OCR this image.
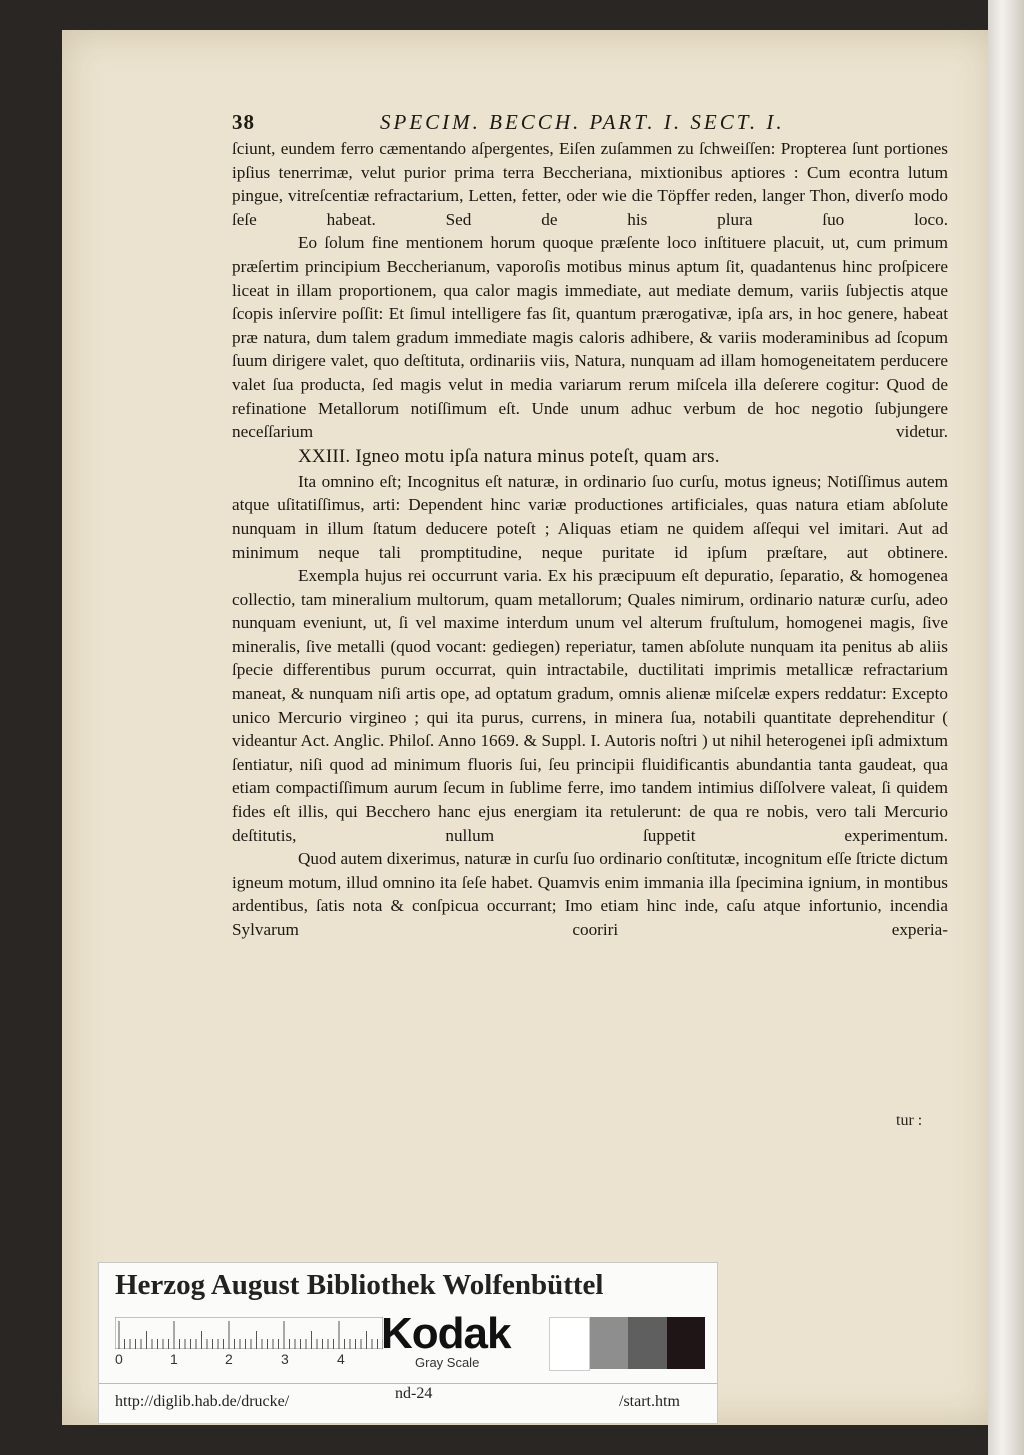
38	SPECIM. BECCH. PART. I. SECT. I.

ſciunt, eundem ferro cæmentando aſpergentes, Eiſen zuſammen zu ſchweiſſen: Propterea ſunt portiones ipſius tenerrimæ, velut purior prima terra Beccheriana, mixtionibus aptiores : Cum econtra lutum pingue, vitreſcentiæ refractarium, Letten, fetter, oder wie die Töpffer reden, langer Thon, diverſo modo ſeſe habeat. Sed de his plura ſuo loco.

Eo ſolum fine mentionem horum quoque præſente loco inſtituere placuit, ut, cum primum præſertim principium Beccherianum, vaporoſis motibus minus aptum ſit, quadantenus hinc proſpicere liceat in illam proportionem, qua calor magis immediate, aut mediate demum, variis ſubjectis atque ſcopis inſervire poſſit: Et ſimul intelligere fas ſit, quantum prærogativæ, ipſa ars, in hoc genere, habeat præ natura, dum talem gradum immediate magis caloris adhibere, & variis moderaminibus ad ſcopum ſuum dirigere valet, quo deſtituta, ordinariis viis, Natura, nunquam ad illam homogeneitatem perducere valet ſua producta, ſed magis velut in media variarum rerum miſcela illa deſerere cogitur: Quod de refinatione Metallorum notiſſimum eſt. Unde unum adhuc verbum de hoc negotio ſubjungere neceſſarium videtur.

XXIII. Igneo motu ipſa natura minus poteſt, quam ars.

Ita omnino eſt; Incognitus eſt naturæ, in ordinario ſuo curſu, motus igneus; Notiſſimus autem atque uſitatiſſimus, arti: Dependent hinc variæ productiones artificiales, quas natura etiam abſolute nunquam in illum ſtatum deducere poteſt ; Aliquas etiam ne quidem aſſequi vel imitari. Aut ad minimum neque tali promptitudine, neque puritate id ipſum præſtare, aut obtinere.

Exempla hujus rei occurrunt varia. Ex his præcipuum eſt depuratio, ſeparatio, & homogenea collectio, tam mineralium multorum, quam metallorum; Quales nimirum, ordinario naturæ curſu, adeo nunquam eveniunt, ut, ſi vel maxime interdum unum vel alterum fruſtulum, homogenei magis, ſive mineralis, ſive metalli (quod vocant: gediegen) reperiatur, tamen abſolute nunquam ita penitus ab aliis ſpecie differentibus purum occurrat, quin intractabile, ductilitati imprimis metallicæ refractarium maneat, & nunquam niſi artis ope, ad optatum gradum, omnis alienæ miſcelæ expers reddatur: Excepto unico Mercurio virgineo ; qui ita purus, currens, in minera ſua, notabili quantitate deprehenditur ( videantur Act. Anglic. Philoſ. Anno 1669. & Suppl. I. Autoris noſtri ) ut nihil heterogenei ipſi admixtum ſentiatur, niſi quod ad minimum fluoris ſui, ſeu principii fluidificantis abundantia tanta gaudeat, qua etiam compactiſſimum aurum ſecum in ſublime ferre, imo tandem intimius diſſolvere valeat, ſi quidem fides eſt illis, qui Becchero hanc ejus energiam ita retulerunt: de qua re nobis, vero tali Mercurio deſtitutis, nullum ſuppetit experimentum.

Quod autem dixerimus, naturæ in curſu ſuo ordinario conſtitutæ, incognitum eſſe ſtricte dictum igneum motum, illud omnino ita ſeſe habet. Quamvis enim immania illa ſpecimina ignium, in montibus ardentibus, ſatis nota & conſpicua occurrant; Imo etiam hinc inde, caſu atque infortunio, incendia Sylvarum cooriri experia-

tur :
Herzog August Bibliothek Wolfenbüttel
0	1	2	3	4
Kodak
Gray Scale
http://diglib.hab.de/drucke/	nd-24	/start.htm
